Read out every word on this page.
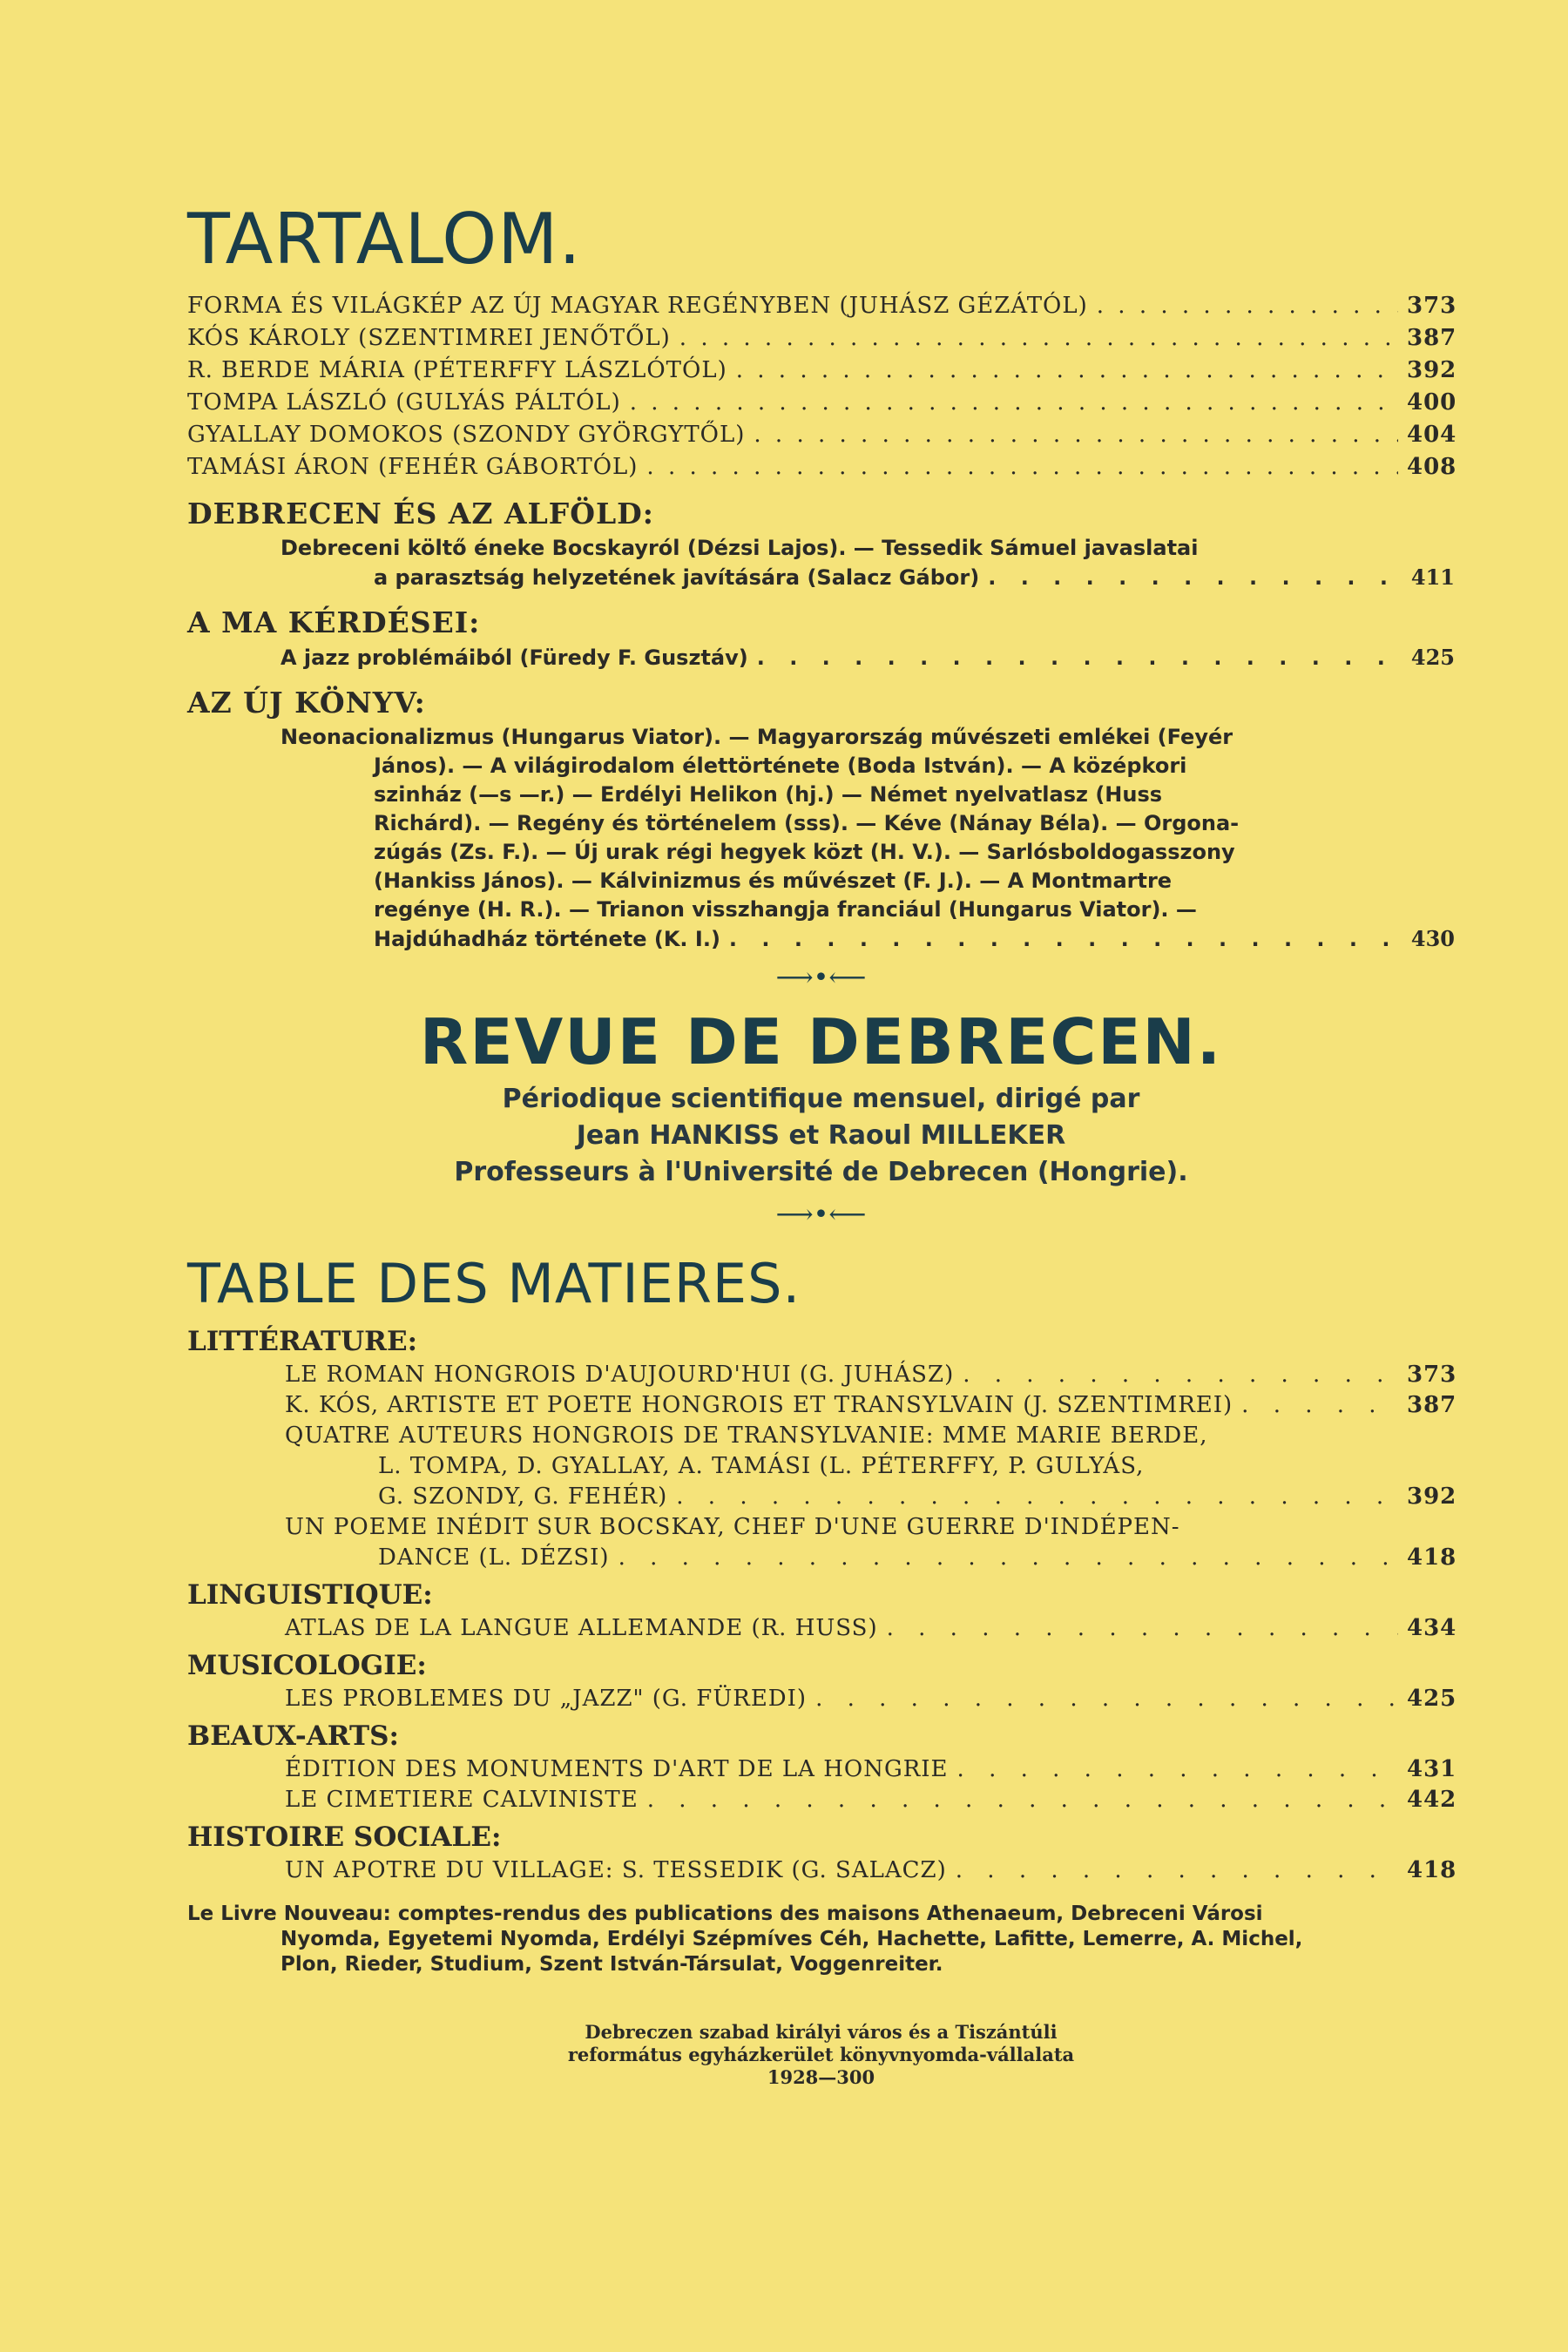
TARTALOM.
FORMA ÉS VILÁGKÉP AZ ÚJ MAGYAR REGÉNYBEN (JUHÁSZ GÉZÁTÓL) . . .	373
KÓS KÁROLY (SZENTIMREI JENŐTŐL) . . .	387
R. BERDE MÁRIA (PÉTERFFY LÁSZLÓTÓL) . . .	392
TOMPA LÁSZLÓ (GULYÁS PÁLTÓL) . . .	400
GYALLAY DOMOKOS (SZONDY GYÖRGYTŐL) . . .	404
TAMÁSI ÁRON (FEHÉR GÁBORTÓL) . . .	408
DEBRECEN ÉS AZ ALFÖLD:

Debreceni költő éneke Bocskayról (Dézsi Lajos). — Tessedik Sámuel javaslatai

a parasztság helyzetének javítására (Salacz Gábor) . . .	411
A MA KÉRDÉSEI:
A jazz problémáiból (Füredy F. Gusztáv) . . .	425
AZ ÚJ KÖNYV:

Neonacionalizmus (Hungarus Viator). — Magyarország művészeti emlékei (Feyér

János). — A világirodalom élettörténete (Boda István). — A középkori

szinház (—s —r.) — Erdélyi Helikon (hj.) — Német nyelvatlasz (Huss

Richárd). — Regény és történelem (sss). — Kéve (Nánay Béla). — Orgona-

zúgás (Zs. F.). — Új urak régi hegyek közt (H. V.). — Sarlósboldogasszony

(Hankiss János). — Kálvinizmus és művészet (F. J.). — A Montmartre

regénye (H. R.). — Trianon visszhangja franciául (Hungarus Viator). —

Hajdúhadház története (K. I.) . . .	430
⟶•⟵
REVUE DE DEBRECEN.
Périodique scientifique mensuel, dirigé par
Jean HANKISS et Raoul MILLEKER
Professeurs à l'Université de Debrecen (Hongrie).
⟶•⟵
TABLE DES MATIERES.
LITTÉRATURE:
LE ROMAN HONGROIS D'AUJOURD'HUI (G. JUHÁSZ) . . .	373
K. KÓS, ARTISTE ET POETE HONGROIS ET TRANSYLVAIN (J. SZENTIMREI) . . .	387

QUATRE AUTEURS HONGROIS DE TRANSYLVANIE: MME MARIE BERDE,

L. TOMPA, D. GYALLAY, A. TAMÁSI (L. PÉTERFFY, P. GULYÁS,

G. SZONDY, G. FEHÉR) . . .	392

UN POEME INÉDIT SUR BOCSKAY, CHEF D'UNE GUERRE D'INDÉPEN-

DANCE (L. DÉZSI) . . .	418
LINGUISTIQUE:
ATLAS DE LA LANGUE ALLEMANDE (R. HUSS) . . .	434
MUSICOLOGIE:
LES PROBLEMES DU „JAZZ" (G. FÜREDI) . . .	425
BEAUX-ARTS:
ÉDITION DES MONUMENTS D'ART DE LA HONGRIE . . .	431
LE CIMETIERE CALVINISTE . . .	442
HISTOIRE SOCIALE:
UN APOTRE DU VILLAGE: S. TESSEDIK (G. SALACZ) . . .	418

Le Livre Nouveau: comptes-rendus des publications des maisons Athenaeum, Debreceni Városi

Nyomda, Egyetemi Nyomda, Erdélyi Szépmíves Céh, Hachette, Lafitte, Lemerre, A. Michel,

Plon, Rieder, Studium, Szent István-Társulat, Voggenreiter.

Debreczen szabad királyi város és a Tiszántúli
református egyházkerület könyvnyomda-vállalata
1928—300
